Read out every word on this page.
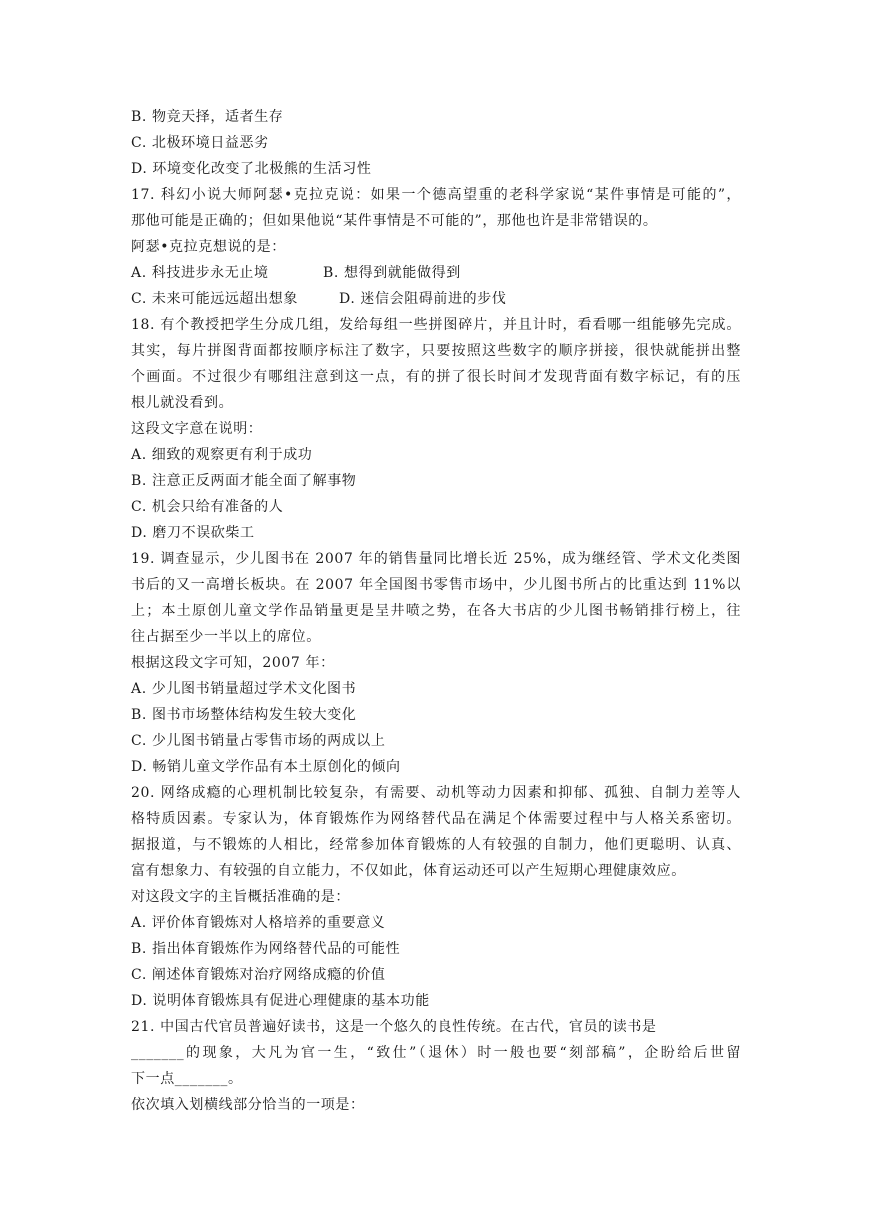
B. 物竞天择，适者生存
C. 北极环境日益恶劣
D. 环境变化改变了北极熊的生活习性
17. 科幻小说大师阿瑟•克拉克说：如果一个德高望重的老科学家说“某件事情是可能的”，
那他可能是正确的；但如果他说“某件事情是不可能的”，那他也许是非常错误的。
阿瑟•克拉克想说的是：
A. 科技进步永无止境	B. 想得到就能做得到
C. 未来可能远远超出想象	D. 迷信会阻碍前进的步伐
18. 有个教授把学生分成几组，发给每组一些拼图碎片，并且计时，看看哪一组能够先完成。
其实，每片拼图背面都按顺序标注了数字，只要按照这些数字的顺序拼接，很快就能拼出整
个画面。不过很少有哪组注意到这一点，有的拼了很长时间才发现背面有数字标记，有的压
根儿就没看到。
这段文字意在说明：
A. 细致的观察更有利于成功
B. 注意正反两面才能全面了解事物
C. 机会只给有准备的人
D. 磨刀不误砍柴工
19. 调查显示，少儿图书在 2007 年的销售量同比增长近 25%，成为继经管、学术文化类图
书后的又一高增长板块。在 2007 年全国图书零售市场中，少儿图书所占的比重达到 11%以
上；本土原创儿童文学作品销量更是呈井喷之势，在各大书店的少儿图书畅销排行榜上，往
往占据至少一半以上的席位。
根据这段文字可知，2007 年：
A. 少儿图书销量超过学术文化图书
B. 图书市场整体结构发生较大变化
C. 少儿图书销量占零售市场的两成以上
D. 畅销儿童文学作品有本土原创化的倾向
20. 网络成瘾的心理机制比较复杂，有需要、动机等动力因素和抑郁、孤独、自制力差等人
格特质因素。专家认为，体育锻炼作为网络替代品在满足个体需要过程中与人格关系密切。
据报道，与不锻炼的人相比，经常参加体育锻炼的人有较强的自制力，他们更聪明、认真、
富有想象力、有较强的自立能力，不仅如此，体育运动还可以产生短期心理健康效应。
对这段文字的主旨概括准确的是：
A. 评价体育锻炼对人格培养的重要意义
B. 指出体育锻炼作为网络替代品的可能性
C. 阐述体育锻炼对治疗网络成瘾的价值
D. 说明体育锻炼具有促进心理健康的基本功能
21. 中国古代官员普遍好读书，这是一个悠久的良性传统。在古代，官员的读书是
_______的现象，大凡为官一生，“致仕”（退休）时一般也要“刻部稿”，企盼给后世留
下一点_______。
依次填入划横线部分恰当的一项是：
